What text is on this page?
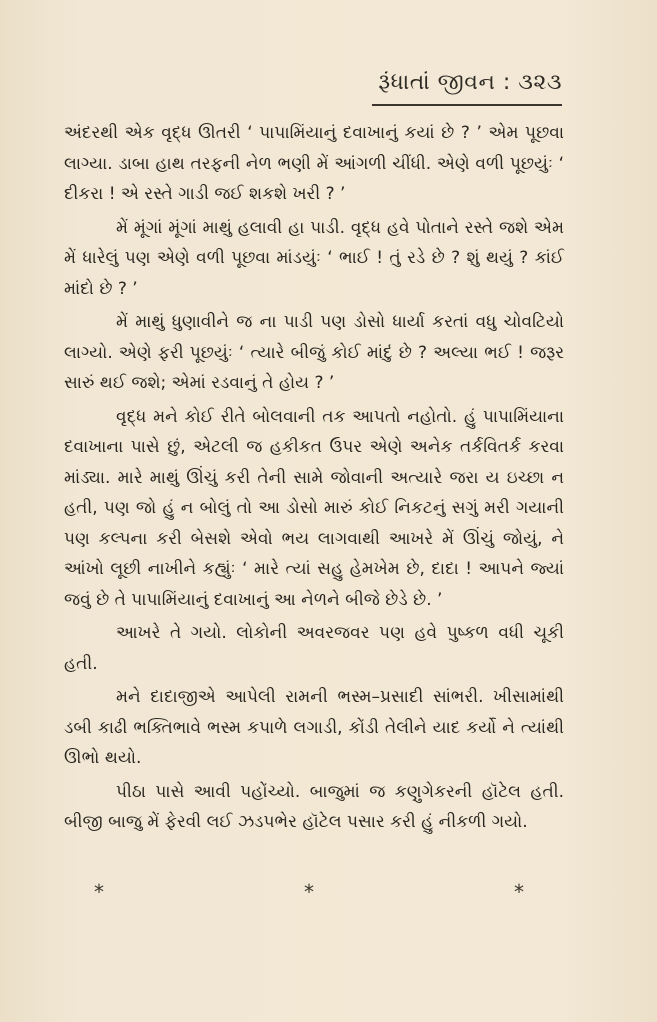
રૂંધાતાં જીવન : ૩૨૩

અંદરથી એક વૃદ્ધ ઊતરી ‘ પાપામિંયાનું દવાખાનું કયાં છે ? ’ એમ પૂછવા લાગ્યા. ડાબા હાથ તરફની નેળ ભણી મેં આંગળી ચીંધી. એણે વળી પૂછયુંઃ ‘ દીકરા ! એ રસ્તે ગાડી જઈ શકશે ખરી ? ’

મેં મૂંગાં મૂંગાં માથું હલાવી હા પાડી. વૃદ્ધ હવે પોતાને રસ્તે જશે એમ મેં ધારેલું પણ એણે વળી પૂછવા માંડયુંઃ ‘ ભાઈ ! તું રડે છે ? શું થયું ? કાંઈ માંદો છે ? ’

મેં માથું ધુણાવીને જ ના પાડી પણ ડોસો ધાર્યા કરતાં વધુ ચોવટિયો લાગ્યો. એણે ફરી પૂછયુંઃ ‘ ત્યારે બીજું કોઈ માંદું છે ? અલ્યા ભઈ ! જરૂર સારું થઈ જશે; એમાં રડવાનું તે હોય ? ’

વૃદ્ધ મને કોઈ રીતે બોલવાની તક આપતો નહોતો. હું પાપામિંયાના દવાખાના પાસે છું, એટલી જ હકીકત ઉપર એણે અનેક તર્કવિતર્ક કરવા માંડ્યા. મારે માથું ઊંચું કરી તેની સામે જોવાની અત્યારે જરા ય ઇચ્છા ન હતી, પણ જો હું ન બોલું તો આ ડોસો મારું કોઈ નિકટનું સગું મરી ગયાની પણ કલ્પના કરી બેસશે એવો ભય લાગવાથી આખરે મેં ઊંચું જોયું, ને આંખો લૂછી નાખીને કહ્યુંઃ ‘ મારે ત્યાં સહુ હેમખેમ છે, દાદા ! આપને જ્યાં જવું છે તે પાપામિંયાનું દવાખાનું આ નેળને બીજે છેડે છે. ’

આખરે તે ગયો. લોકોની અવરજવર પણ હવે પુષ્કળ વધી ચૂકી હતી.

મને દાદાજીએ આપેલી રામની ભસ્મ–પ્રસાદી સાંભરી. ખીસામાંથી ડબી કાઢી ભક્તિભાવે ભસ્મ કપાળે લગાડી, કોંડી તેલીને યાદ કર્યો ને ત્યાંથી ઊભો થયો.

પીઠા પાસે આવી પહોંચ્યો. બાજુમાં જ કણુગેકરની હૉટેલ હતી. બીજી બાજુ મેં ફેરવી લઈ ઝડપભેર હૉટેલ પસાર કરી હું નીકળી ગયો.

*	*	*
